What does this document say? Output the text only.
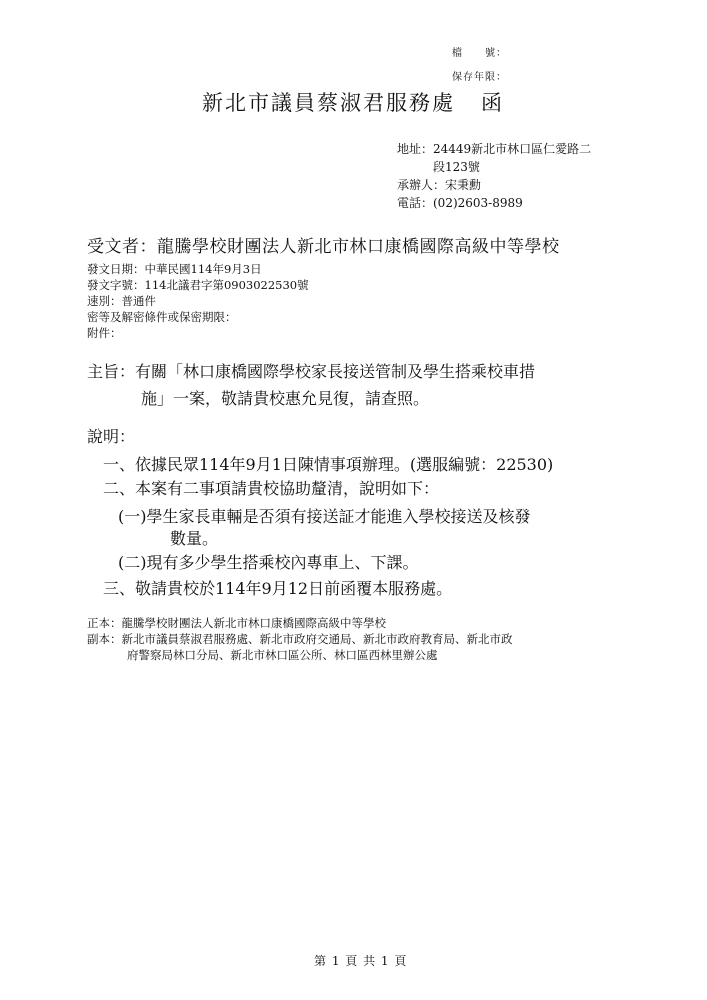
檔　　號：
保存年限：
新北市議員蔡淑君服務處 函
地址：24449新北市林口區仁愛路二
段123號
承辦人：宋秉勳
電話：(02)2603-8989
受文者：龍騰學校財團法人新北市林口康橋國際高級中等學校
發文日期：中華民國114年9月3日
發文字號：114北議君字第0903022530號
速別：普通件
密等及解密條件或保密期限：
附件：
主旨：有關「林口康橋國際學校家長接送管制及學生搭乘校車措
施」一案，敬請貴校惠允見復，請查照。
說明：
一、依據民眾114年9月1日陳情事項辦理。(選服編號：22530)
二、本案有二事項請貴校協助釐清，說明如下：
(一)學生家長車輛是否須有接送証才能進入學校接送及核發
數量。
(二)現有多少學生搭乘校內專車上、下課。
三、敬請貴校於114年9月12日前函覆本服務處。
正本：龍騰學校財團法人新北市林口康橋國際高級中等學校
副本：新北市議員蔡淑君服務處、新北市政府交通局、新北市政府教育局、新北市政
府警察局林口分局、新北市林口區公所、林口區西林里辦公處
第 1 頁 共 1 頁
